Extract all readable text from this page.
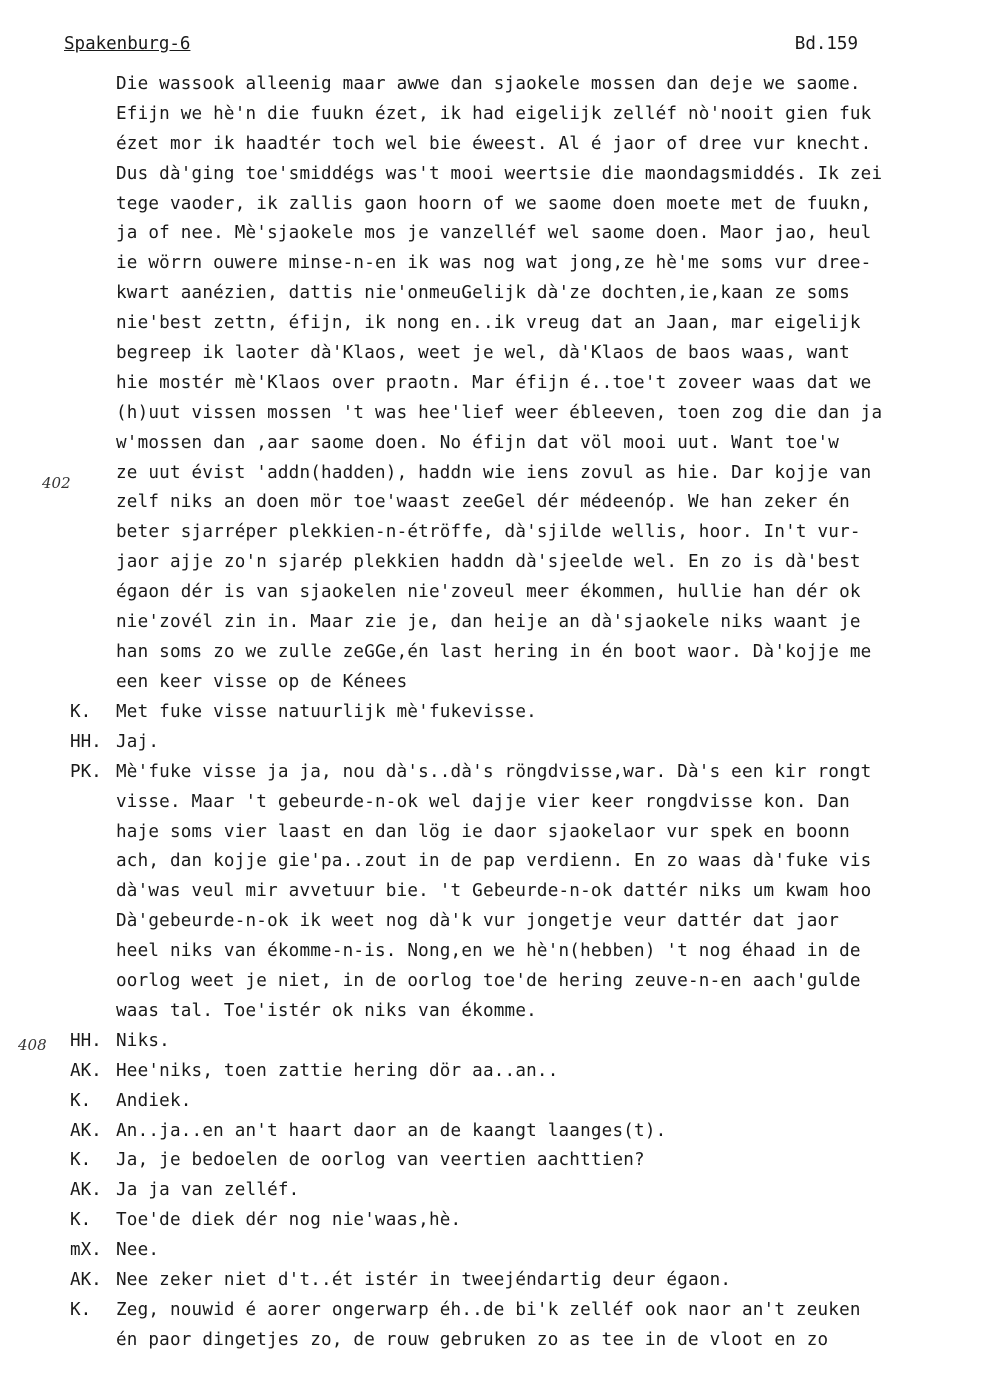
Spakenburg-6	Bd.159
402
408
Die wassook alleenig maar awwe dan sjaokele mossen dan deje we saome.
Efijn we hè'n die fuukn ézet, ik had eigelijk zelléf nò'nooit gien fuk
ézet mor ik haadtér toch wel bie éweest. Al é jaor of dree vur knecht.
Dus dà'ging toe'smiddégs was't mooi weertsie die maondagsmiddés. Ik zei
tege vaoder, ik zallis gaon hoorn of we saome doen moete met de fuukn,
ja of nee. Mè'sjaokele mos je vanzelléf wel saome doen. Maor jao, heul
ie wörrn ouwere minse-n-en ik was nog wat jong,ze hè'me soms vur dree-
kwart aanézien, dattis nie'onmeuGelijk dà'ze dochten,ie,kaan ze soms
nie'best zettn, éfijn, ik nong en..ik vreug dat an Jaan, mar eigelijk
begreep ik laoter dà'Klaos, weet je wel, dà'Klaos de baos waas, want
hie mostér mè'Klaos over praotn. Mar éfijn é..toe't zoveer waas dat we
(h)uut vissen mossen 't was hee'lief weer ébleeven, toen zog die dan ja
w'mossen dan ,aar saome doen. No éfijn dat völ mooi uut. Want toe'w
ze uut évist 'addn(hadden), haddn wie iens zovul as hie. Dar kojje van
zelf niks an doen mör toe'waast zeeGel dér médeenóp. We han zeker én
beter sjarréper plekkien-n-étröffe, dà'sjilde wellis, hoor. In't vur-
jaor ajje zo'n sjarép plekkien haddn dà'sjeelde wel. En zo is dà'best
égaon dér is van sjaokelen nie'zoveul meer ékommen, hullie han dér ok
nie'zovél zin in. Maar zie je, dan heije an dà'sjaokele niks waant je
han soms zo we zulle zeGGe,én last hering in én boot waor. Dà'kojje me
een keer visse op de Kénees
K. Met fuke visse natuurlijk mè'fukevisse.
HH. Jaj.
PK. Mè'fuke visse ja ja, nou dà's..dà's röngdvisse,war. Dà's een kir rongt
visse. Maar 't gebeurde-n-ok wel dajje vier keer rongdvisse kon. Dan
haje soms vier laast en dan lög ie daor sjaokelaor vur spek en boonn
ach, dan kojje gie'pa..zout in de pap verdienn. En zo waas dà'fuke vis
dà'was veul mir avvetuur bie. 't Gebeurde-n-ok dattér niks um kwam hoo
Dà'gebeurde-n-ok ik weet nog dà'k vur jongetje veur dattér dat jaor
heel niks van ékomme-n-is. Nong,en we hè'n(hebben) 't nog éhaad in de
oorlog weet je niet, in de oorlog toe'de hering zeuve-n-en aach'gulde
waas tal. Toe'istér ok niks van ékomme.
HH. Niks.
AK. Hee'niks, toen zattie hering dör aa..an..
K. Andiek.
AK. An..ja..en an't haart daor an de kaangt laanges(t).
K. Ja, je bedoelen de oorlog van veertien aachttien?
AK. Ja ja van zelléf.
K. Toe'de diek dér nog nie'waas,hè.
mX. Nee.
AK. Nee zeker niet d't..ét istér in tweejéndartig deur égaon.
K. Zeg, nouwid é aorer ongerwarp éh..de bi'k zelléf ook naor an't zeuken
én paor dingetjes zo, de rouw gebruken zo as tee in de vloot en zo
